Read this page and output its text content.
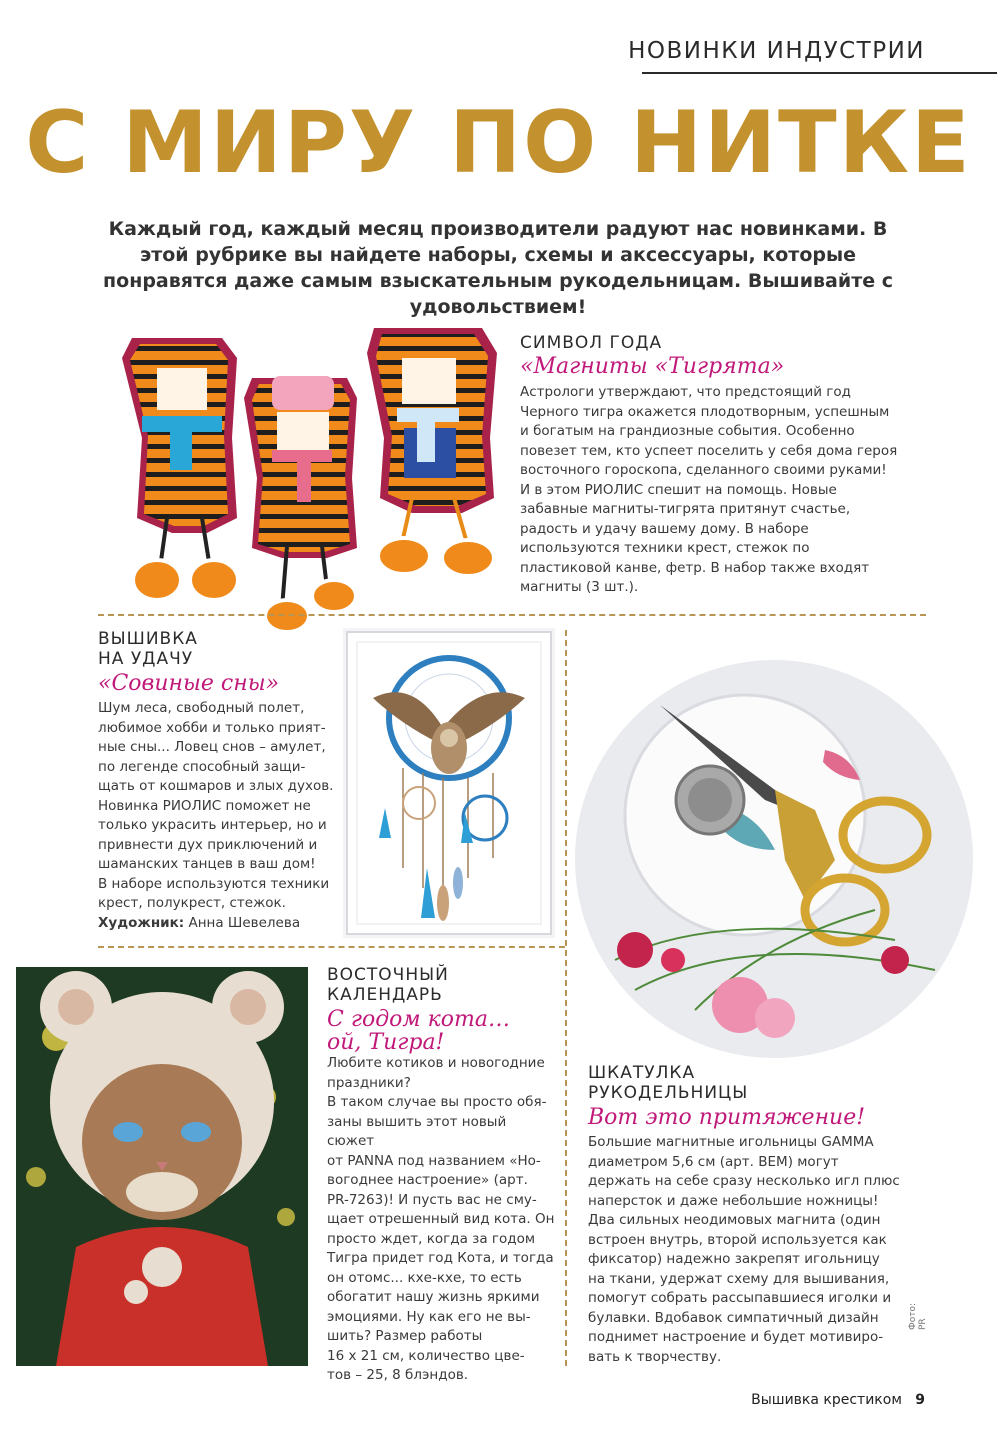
НОВИНКИ ИНДУСТРИИ
С МИРУ ПО НИТКЕ
Каждый год, каждый месяц производители радуют нас новинками. В этой рубрике вы найдете наборы, схемы и аксессуары, которые понравятся даже самым взыскательным рукодельницам. Вышивайте с удовольствием!
СИМВОЛ ГОДА
«Магниты «Тигрята»
Астрологи утверждают, что предстоящий год
Черного тигра окажется плодотворным, успешным
и богатым на грандиозные события. Особенно
повезет тем, кто успеет поселить у себя дома героя
восточного гороскопа, сделанного своими руками!
И в этом РИОЛИС спешит на помощь. Новые
забавные магниты-тигрята притянут счастье,
радость и удачу вашему дому. В наборе
используются техники крест, стежок по
пластиковой канве, фетр. В набор также входят
магниты (3 шт.).
ВЫШИВКА
НА УДАЧУ
«Совиные сны»
Шум леса, свободный полет,
любимое хобби и только прият-
ные сны... Ловец снов – амулет,
по легенде способный защи-
щать от кошмаров и злых духов.
Новинка РИОЛИС поможет не
только украсить интерьер, но и
привнести дух приключений и
шаманских танцев в ваш дом!
В наборе используются техники
крест, полукрест, стежок.
Художник: Анна Шевелева
ВОСТОЧНЫЙ
КАЛЕНДАРЬ
С годом кота…
ой, Тигра!
Любите котиков и новогодние
праздники?
В таком случае вы просто обя-
заны вышить этот новый сюжет
от PANNA под названием «Но-
вогоднее настроение» (арт.
PR-7263)! И пусть вас не сму-
щает отрешенный вид кота. Он
просто ждет, когда за годом
Тигра придет год Кота, и тогда
он отомс... кхе-кхе, то есть
обогатит нашу жизнь яркими
эмоциями. Ну как его не вы-
шить? Размер работы
16 х 21 см, количество цве-
тов – 25, 8 блэндов.
ШКАТУЛКА
РУКОДЕЛЬНИЦЫ
Вот это притяжение!
Большие магнитные игольницы GAMMA
диаметром 5,6 см (арт. BEM) могут
держать на себе сразу несколько игл плюс
наперсток и даже небольшие ножницы!
Два сильных неодимовых магнита (один
встроен внутрь, второй используется как
фиксатор) надежно закрепят игольницу
на ткани, удержат схему для вышивания,
помогут собрать рассыпавшиеся иголки и
булавки. Вдобавок симпатичный дизайн
поднимет настроение и будет мотивиро-
вать к творчеству.
Фото: PR
Вышивка крестиком 9
